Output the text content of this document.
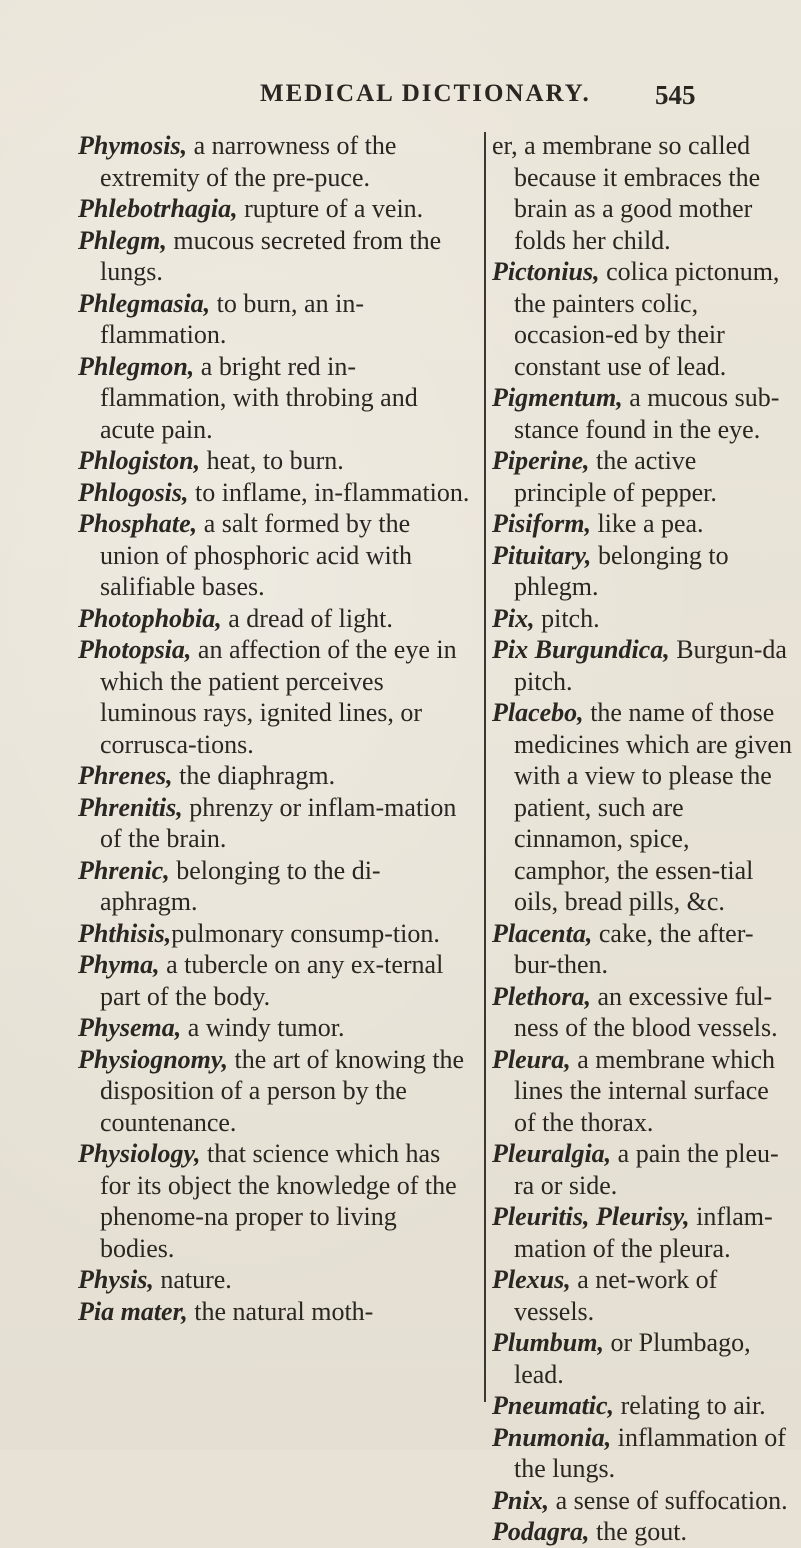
MEDICAL DICTIONARY. 545

Phymosis, a narrowness of the extremity of the pre-puce.

Phlebotrhagia, rupture of a vein.

Phlegm, mucous secreted from the lungs.

Phlegmasia, to burn, an in-flammation.

Phlegmon, a bright red in-flammation, with throbing and acute pain.

Phlogiston, heat, to burn.

Phlogosis, to inflame, in-flammation.

Phosphate, a salt formed by the union of phosphoric acid with salifiable bases.

Photophobia, a dread of light.

Photopsia, an affection of the eye in which the patient perceives luminous rays, ignited lines, or corrusca-tions.

Phrenes, the diaphragm.

Phrenitis, phrenzy or inflam-mation of the brain.

Phrenic, belonging to the di-aphragm.

Phthisis,pulmonary consump-tion.

Phyma, a tubercle on any ex-ternal part of the body.

Physema, a windy tumor.

Physiognomy, the art of knowing the disposition of a person by the countenance.

Physiology, that science which has for its object the knowledge of the phenome-na proper to living bodies.

Physis, nature.

Pia mater, the natural moth-

er, a membrane so called because it embraces the brain as a good mother folds her child.

Pictonius, colica pictonum, the painters colic, occasion-ed by their constant use of lead.

Pigmentum, a mucous sub-stance found in the eye.

Piperine, the active principle of pepper.

Pisiform, like a pea.

Pituitary, belonging to phlegm.

Pix, pitch.

Pix Burgundica, Burgun-da pitch.

Placebo, the name of those medicines which are given with a view to please the patient, such are cinnamon, spice, camphor, the essen-tial oils, bread pills, &c.

Placenta, cake, the after-bur-then.

Plethora, an excessive ful-ness of the blood vessels.

Pleura, a membrane which lines the internal surface of the thorax.

Pleuralgia, a pain the pleu-ra or side.

Pleuritis, Pleurisy, inflam-mation of the pleura.

Plexus, a net-work of vessels.

Plumbum, or Plumbago, lead.

Pneumatic, relating to air.

Pnumonia, inflammation of the lungs.

Pnix, a sense of suffocation.

Podagra, the gout.
